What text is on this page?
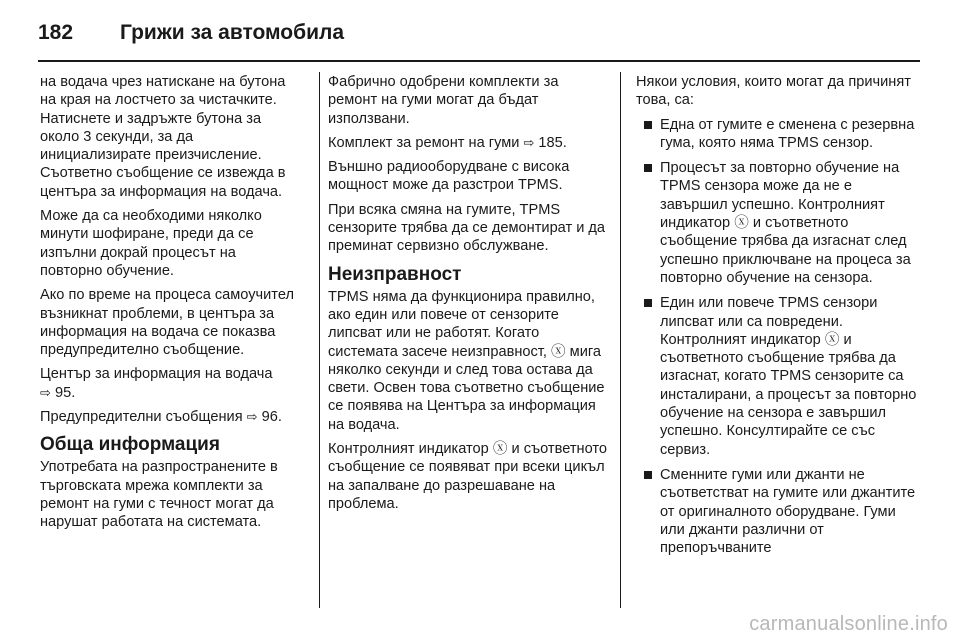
182	Грижи за автомобила

на водача чрез натискане на бутона на края на лостчето за чистачките. Натиснете и задръжте бутона за около 3 секунди, за да инициализирате преизчисление. Съответно съобщение се извежда в центъра за информация на водача.

Може да са необходими няколко минути шофиране, преди да се изпълни докрай процесът на повторно обучение.

Ако по време на процеса самоучител възникнат проблеми, в центъра за информация на водача се показва предупредително съобщение.

Център за информация на водача
⇨ 95.

Предупредителни съобщения ⇨ 96.

Обща информация

Употребата на разпространените в търговската мрежа комплекти за ремонт на гуми с течност могат да нарушат работата на системата.

Фабрично одобрени комплекти за ремонт на гуми могат да бъдат използвани.

Комплект за ремонт на гуми ⇨ 185.

Външно радиооборудване с висока мощност може да разстрои TPMS.

При всяка смяна на гумите, TPMS сензорите трябва да се демонтират и да преминат сервизно обслужване.

Неизправност

TPMS няма да функционира правилно, ако един или повече от сензорите липсват или не работят. Когато системата засече неизправност, ⓧ мига няколко секунди и след това остава да свети. Освен това съответно съобщение се появява на Центъра за информация на водача.

Контролният индикатор ⓧ и съответното съобщение се появяват при всеки цикъл на запалване до разрешаване на проблема.

Някои условия, които могат да причинят това, са:

Една от гумите е сменена с резервна гума, която няма TPMS сензор.
Процесът за повторно обучение на TPMS сензора може да не е завършил успешно. Контролният индикатор ⓧ и съответното съобщение трябва да изгаснат след успешно приключване на процеса за повторно обучение на сензора.
Един или повече TPMS сензори липсват или са повредени. Контролният индикатор ⓧ и съответното съобщение трябва да изгаснат, когато TPMS сензорите са инсталирани, а процесът за повторно обучение на сензора е завършил успешно. Консултирайте се със сервиз.
Сменните гуми или джанти не съответстват на гумите или джантите от оригиналното оборудване. Гуми или джанти различни от препоръчваните
carmanualsonline.info
